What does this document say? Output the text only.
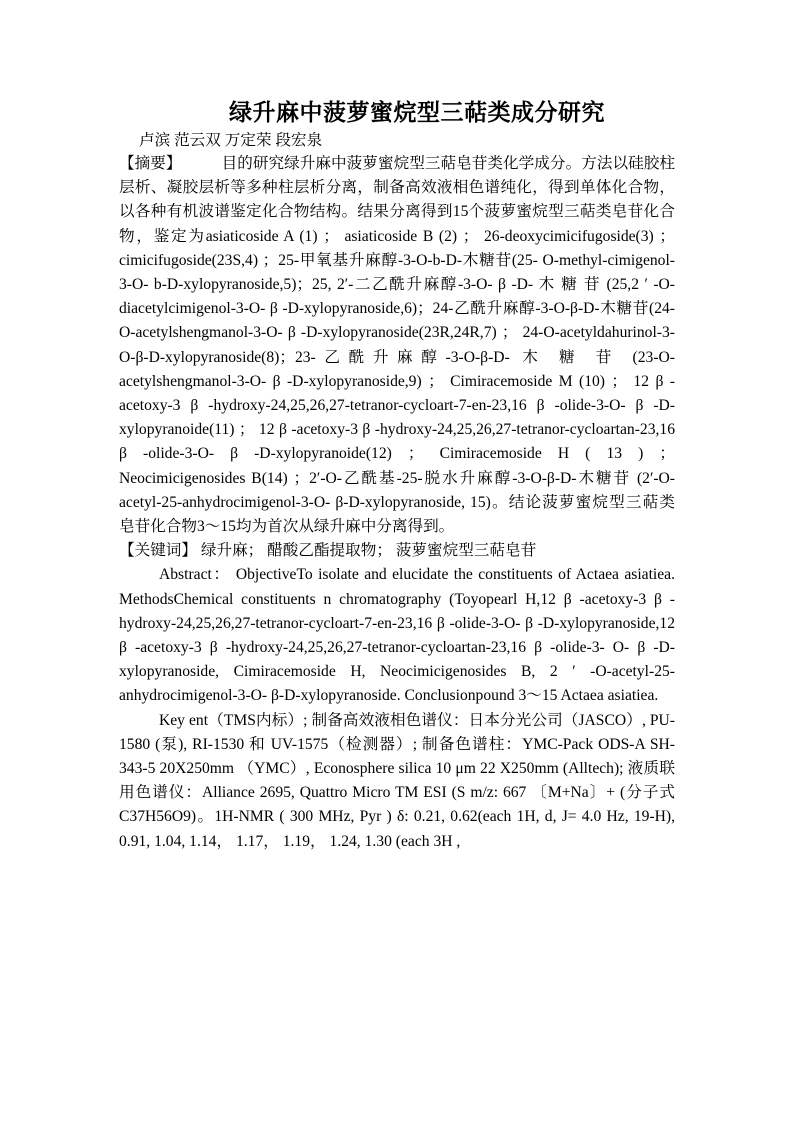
绿升麻中菠萝蜜烷型三萜类成分研究
卢滨 范云双 万定荣 段宏泉

【摘要】	目的研究绿升麻中菠萝蜜烷型三萜皂苷类化学成分。方法以硅胶柱层析、凝胶层析等多种柱层析分离，制备高效液相色谱纯化，得到单体化合物，以各种有机波谱鉴定化合物结构。结果分离得到15个菠萝蜜烷型三萜类皂苷化合物，鉴定为asiaticoside A (1) ； asiaticoside B (2) ； 26-deoxycimicifugoside(3) ； cimicifugoside(23S,4) ；25-甲氧基升麻醇-3-O-b-D-木糖苷(25- O-methyl-cimigenol-3-O- b-D-xylopyranoside,5)；25, 2′-二乙酰升麻醇-3-O- β -D- 木 糖 苷 (25,2 ′ -O-diacetylcimigenol-3-O- β -D-xylopyranoside,6)；24-乙酰升麻醇-3-O-β-D-木糖苷(24-O-acetylshengmanol-3-O- β -D-xylopyranoside(23R,24R,7) ； 24-O-acetyldahurinol-3-O-β-D-xylopyranoside(8)；23-乙酰升麻醇-3-O-β-D- 木 糖 苷 (23-O-acetylshengmanol-3-O- β -D-xylopyranoside,9) ； Cimiracemoside M (10) ； 12 β -acetoxy-3 β -hydroxy-24,25,26,27-tetranor-cycloart-7-en-23,16 β -olide-3-O- β -D-xylopyranoide(11) ； 12 β -acetoxy-3 β -hydroxy-24,25,26,27-tetranor-cycloartan-23,16 β -olide-3-O- β -D-xylopyranoide(12) ； Cimiracemoside H ( 13 ) ； Neocimicigenosides B(14) ；2′-O-乙酰基-25-脱水升麻醇-3-O-β-D-木糖苷 (2′-O-acetyl-25-anhydrocimigenol-3-O- β-D-xylopyranoside, 15)。结论菠萝蜜烷型三萜类皂苷化合物3～15均为首次从绿升麻中分离得到。

【关键词】 绿升麻； 醋酸乙酯提取物； 菠萝蜜烷型三萜皂苷

Abstract： ObjectiveTo isolate and elucidate the constituents of Actaea asiatiea. MethodsChemical constituents n chromatography (Toyopearl H,12 β -acetoxy-3 β -hydroxy-24,25,26,27-tetranor-cycloart-7-en-23,16 β -olide-3-O- β -D-xylopyranoside,12 β -acetoxy-3 β -hydroxy-24,25,26,27-tetranor-cycloartan-23,16 β -olide-3- O- β -D-xylopyranoside, Cimiracemoside H, Neocimicigenosides B, 2 ′ -O-acetyl-25-anhydrocimigenol-3-O- β-D-xylopyranoside. Conclusionpound 3～15 Actaea asiatiea.

Key ent（TMS内标）; 制备高效液相色谱仪：日本分光公司（JASCO）, PU-1580 (泵), RI-1530 和 UV-1575（检测器）; 制备色谱柱：YMC-Pack ODS-A SH-343-5 20X250mm （YMC）, Econosphere silica 10 μm 22 X250mm (Alltech); 液质联用色谱仪：Alliance 2695, Quattro Micro TM ESI (S m/z: 667 〔M+Na〕+ (分子式C37H56O9)。1H-NMR ( 300 MHz, Pyr ) δ: 0.21, 0.62(each 1H, d, J= 4.0 Hz, 19-H), 0.91, 1.04, 1.14， 1.17， 1.19， 1.24, 1.30 (each 3H ,
